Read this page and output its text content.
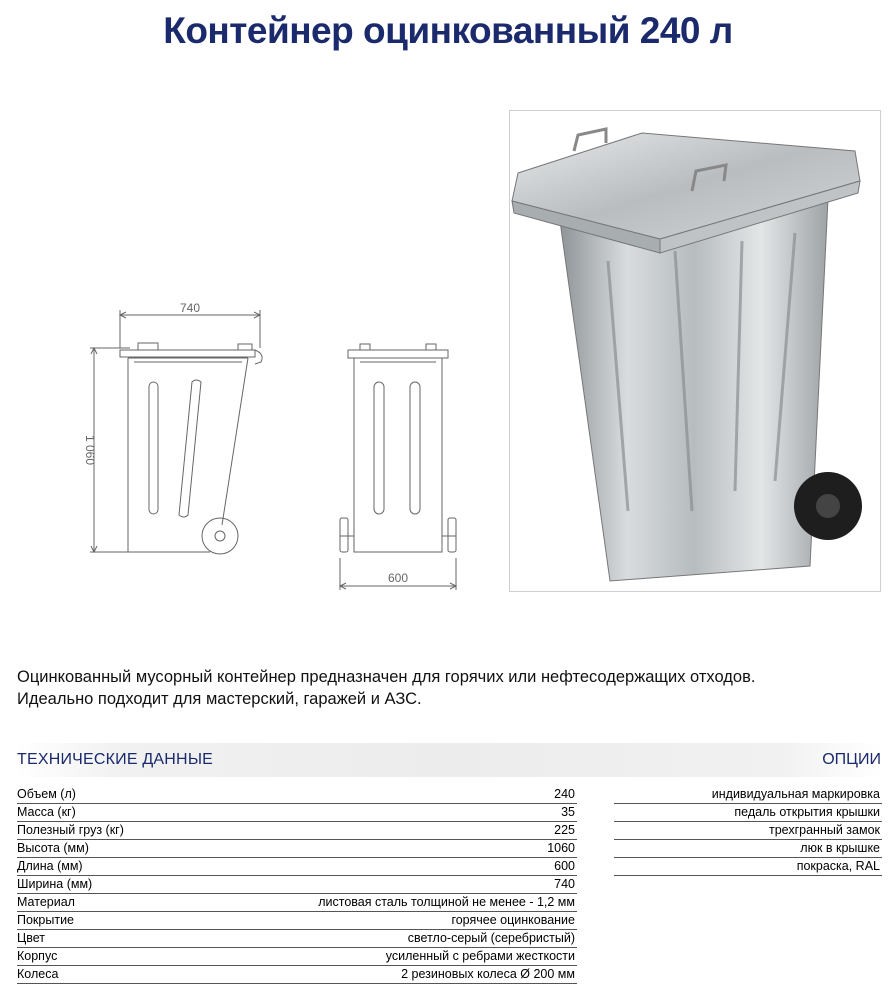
Контейнер оцинкованный 240 л
740
1 060
600
Оцинкованный мусорный контейнер предназначен для горячих или нефтесодержащих отходов.
Идеально подходит для мастерский, гаражей и АЗС.
ТЕХНИЧЕСКИЕ ДАННЫЕ	ОПЦИИ
Объем (л)	240
Масса (кг)	35
Полезный груз (кг)	225
Высота (мм)	1060
Длина (мм)	600
Ширина (мм)	740
Материал	листовая сталь толщиной не менее - 1,2 мм
Покрытие	горячее оцинкование
Цвет	светло-серый (серебристый)
Корпус	усиленный с ребрами жесткости
Колеса	2 резиновых колеса Ø 200 мм
индивидуальная маркировка
педаль открытия крышки
трехгранный замок
люк в крышке
покраска, RAL
